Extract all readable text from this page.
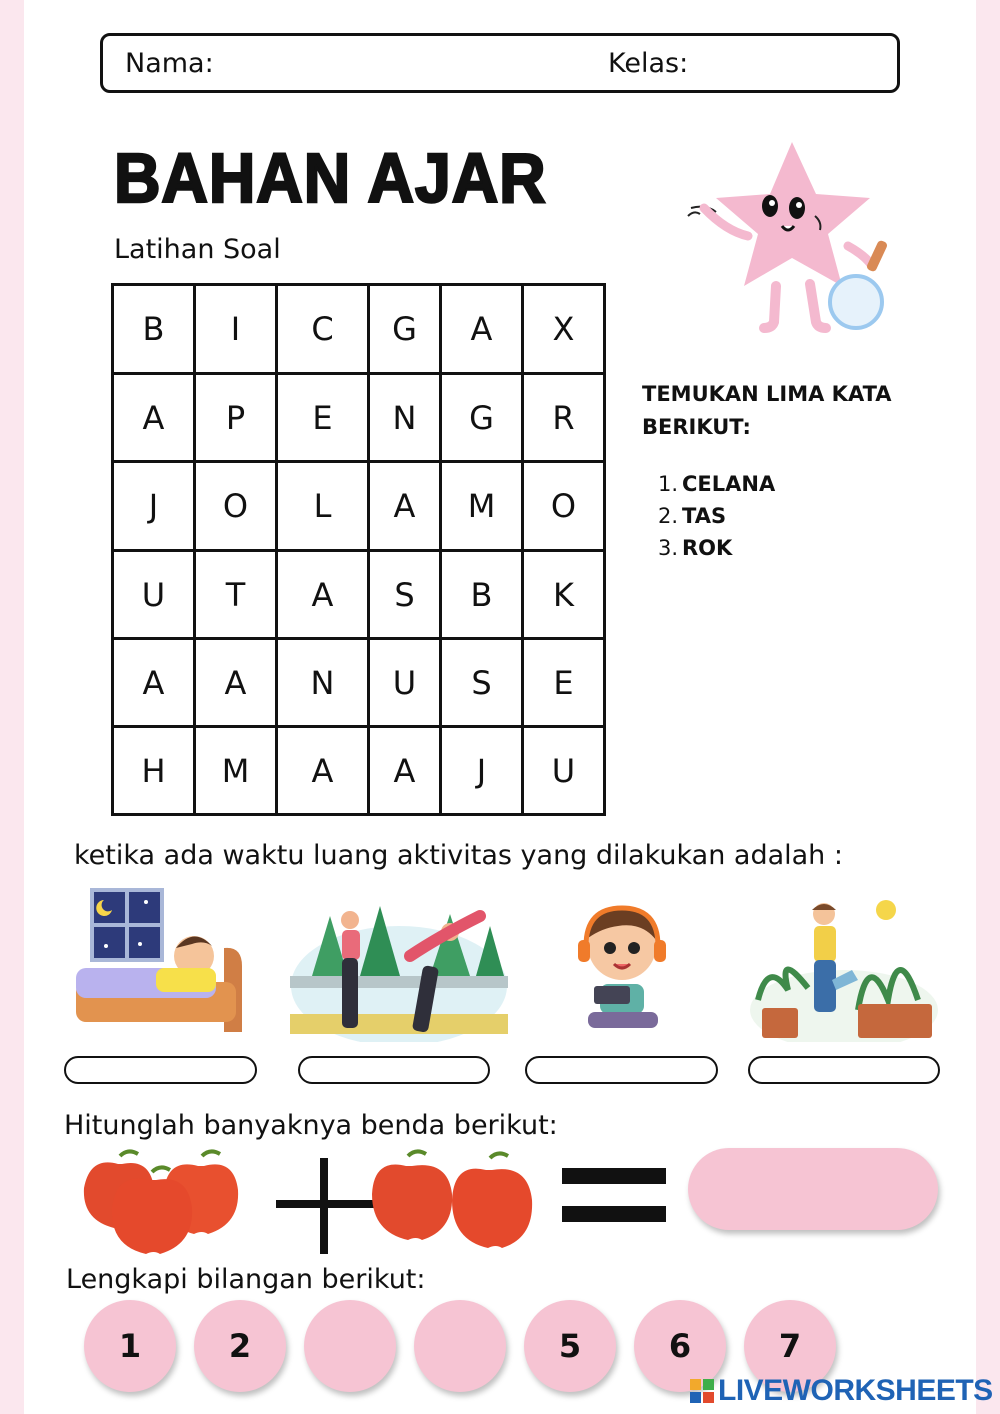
Nama:	Kelas:
BAHAN AJAR
Latihan Soal
B	I	C	G	A	X
A	P	E	N	G	R
J	O	L	A	M	O
U	T	A	S	B	K
A	A	N	U	S	E
H	M	A	A	J	U
TEMUKAN LIMA KATA
BERIKUT:
1. CELANA
2. TAS
3. ROK
ketika ada waktu luang aktivitas yang dilakukan adalah :
Hitunglah banyaknya benda berikut:
Lengkapi bilangan berikut:
1	2	5	6	7
LIVEWORKSHEETS
